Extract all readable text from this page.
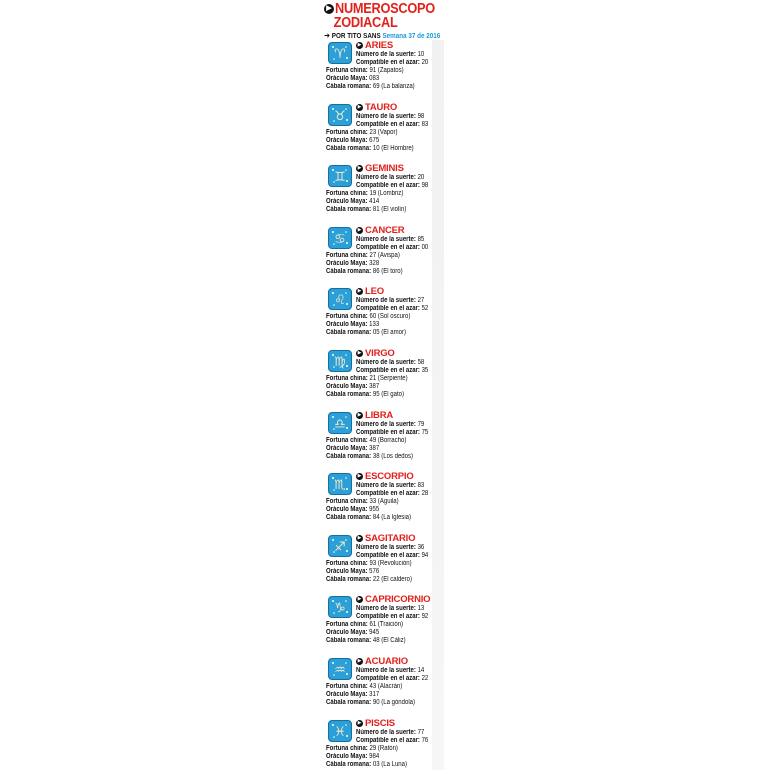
▶ NUMEROSCOPO
ZODIACAL
➜ POR TITO SANS Semana 37 de 2016
♈
▶ ARIES
Número de la suerte: 10
Compatible en el azar: 20
Fortuna china: 91 (Zapatos)
Oráculo Maya: 083
Cábala romana: 69 (La balanza)
♉
▶ TAURO
Número de la suerte: 98
Compatible en el azar: 83
Fortuna china: 23 (Vapor)
Oráculo Maya: 675
Cábala romana: 10 (El Hombre)
♊
▶ GEMINIS
Número de la suerte: 20
Compatible en el azar: 98
Fortuna china: 19 (Lombriz)
Oráculo Maya: 414
Cábala romana: 81 (El violín)
♋
▶ CANCER
Número de la suerte: 85
Compatible en el azar: 00
Fortuna china: 27 (Avispa)
Oráculo Maya: 328
Cábala romana: 86 (El toro)
♌
▶ LEO
Número de la suerte: 27
Compatible en el azar: 52
Fortuna china: 60 (Sol oscuro)
Oráculo Maya: 133
Cábala romana: 05 (El amor)
♍
▶ VIRGO
Número de la suerte: 58
Compatible en el azar: 35
Fortuna china: 21 (Serpiente)
Oráculo Maya: 387
Cábala romana: 95 (El gato)
♎
▶ LIBRA
Número de la suerte: 79
Compatible en el azar: 75
Fortuna china: 49 (Borracho)
Oráculo Maya: 387
Cábala romana: 38 (Los dedos)
♏
▶ ESCORPIO
Número de la suerte: 83
Compatible en el azar: 28
Fortuna china: 33 (Aguila)
Oráculo Maya: 955
Cábala romana: 84 (La Iglesia)
♐
▶ SAGITARIO
Número de la suerte: 36
Compatible en el azar: 94
Fortuna china: 93 (Revolución)
Oráculo Maya: 576
Cábala romana: 22 (El caldero)
♑
▶ CAPRICORNIO
Número de la suerte: 13
Compatible en el azar: 92
Fortuna china: 61 (Traición)
Oráculo Maya: 945
Cábala romana: 48 (El Cáliz)
♒
▶ ACUARIO
Número de la suerte: 14
Compatible en el azar: 22
Fortuna china: 43 (Alacrán)
Oráculo Maya: 317
Cábala romana: 90 (La góndola)
♓
▶ PISCIS
Número de la suerte: 77
Compatible en el azar: 76
Fortuna china: 29 (Ratón)
Oráculo Maya: 984
Cábala romana: 03 (La Luna)
